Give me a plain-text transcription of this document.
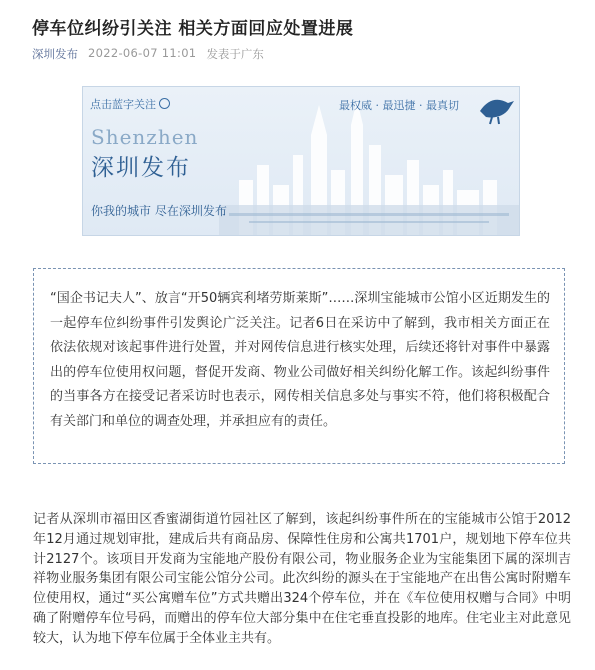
停车位纠纷引关注 相关方面回应处置进展
深圳发布 2022-06-07 11:01 发表于广东
点击蓝字关注	最权威 · 最迅捷 · 最真切
Shenzhen
深圳发布
你我的城市 尽在深圳发布
“国企书记夫人”、放言“开50辆宾利堵劳斯莱斯”……深圳宝能城市公馆小区近期发生的一起停车位纠纷事件引发舆论广泛关注。记者6日在采访中了解到，我市相关方面正在依法依规对该起事件进行处置，并对网传信息进行核实处理，后续还将针对事件中暴露出的停车位使用权问题，督促开发商、物业公司做好相关纠纷化解工作。该起纠纷事件的当事各方在接受记者采访时也表示，网传相关信息多处与事实不符，他们将积极配合有关部门和单位的调查处理，并承担应有的责任。
记者从深圳市福田区香蜜湖街道竹园社区了解到，该起纠纷事件所在的宝能城市公馆于2012年12月通过规划审批，建成后共有商品房、保障性住房和公寓共1701户，规划地下停车位共计2127个。该项目开发商为宝能地产股份有限公司，物业服务企业为宝能集团下属的深圳吉祥物业服务集团有限公司宝能公馆分公司。此次纠纷的源头在于宝能地产在出售公寓时附赠车位使用权，通过“买公寓赠车位”方式共赠出324个停车位，并在《车位使用权赠与合同》中明确了附赠停车位号码，而赠出的停车位大部分集中在住宅垂直投影的地库。住宅业主对此意见较大，认为地下停车位属于全体业主共有。
